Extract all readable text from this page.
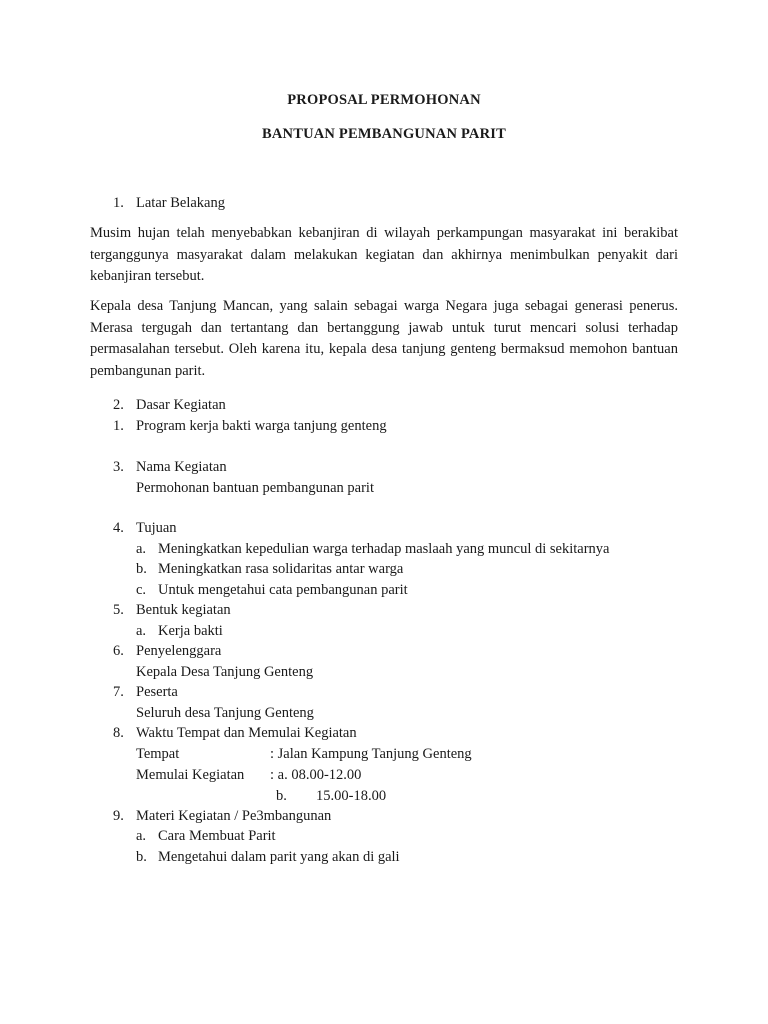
PROPOSAL PERMOHONAN
BANTUAN PEMBANGUNAN PARIT
1. Latar Belakang
Musim hujan telah menyebabkan kebanjiran di wilayah perkampungan masyarakat ini berakibat terganggunya masyarakat dalam melakukan kegiatan dan akhirnya menimbulkan penyakit dari kebanjiran tersebut.
Kepala desa Tanjung Mancan, yang salain sebagai warga Negara juga sebagai generasi penerus. Merasa tergugah dan tertantang dan bertanggung jawab untuk turut mencari solusi terhadap permasalahan tersebut. Oleh karena itu, kepala desa tanjung genteng bermaksud memohon bantuan pembangunan parit.
2. Dasar Kegiatan
1. Program kerja bakti warga tanjung genteng
3. Nama Kegiatan
Permohonan bantuan pembangunan parit
4. Tujuan
a. Meningkatkan kepedulian warga terhadap maslaah yang muncul di sekitarnya
b. Meningkatkan rasa solidaritas antar warga
c. Untuk mengetahui cata pembangunan parit
5. Bentuk kegiatan
a. Kerja bakti
6. Penyelenggara
Kepala Desa Tanjung Genteng
7. Peserta
Seluruh desa Tanjung Genteng
8. Waktu Tempat dan Memulai Kegiatan
Tempat	: Jalan Kampung Tanjung Genteng
Memulai Kegiatan : a. 08.00-12.00
b. 15.00-18.00
9. Materi Kegiatan / Pe3mbangunan
a. Cara Membuat Parit
b. Mengetahui dalam parit yang akan di gali
